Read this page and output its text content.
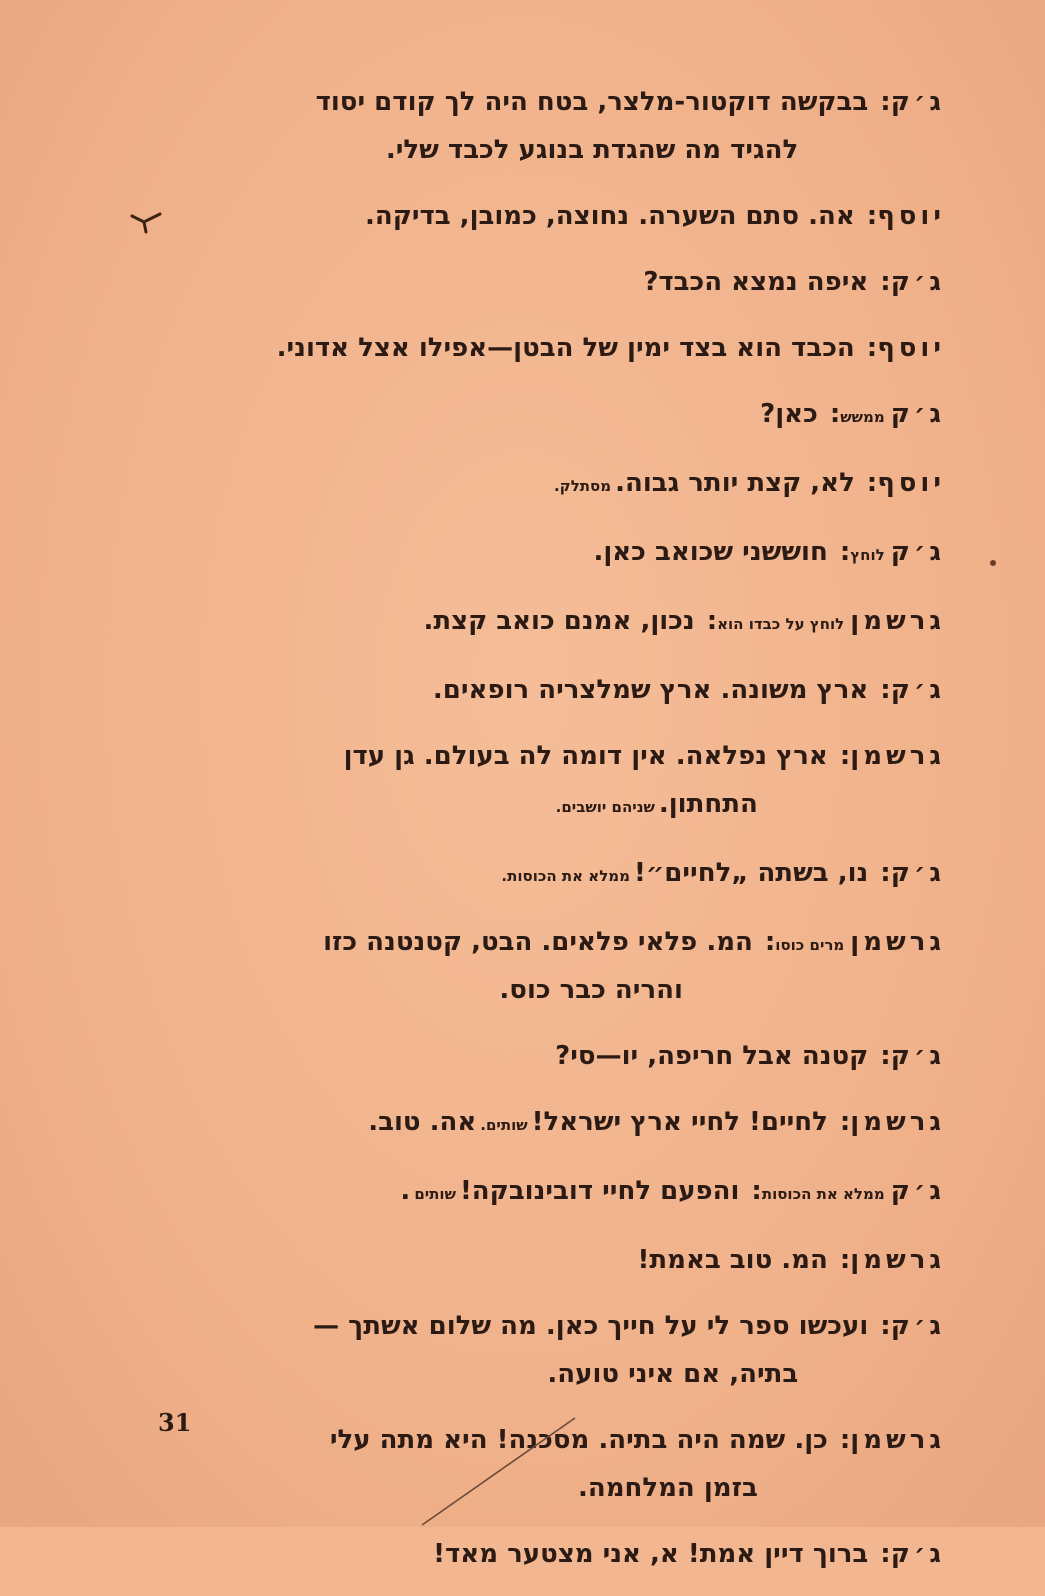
ג׳ק
:
בבקשה דוקטור-מלצר, בטח היה לך קודם יסוד
להגיד מה שהגדת בנוגע לכבד שלי.
יוסף
:
אה. סתם השערה. נחוצה, כמובן, בדיקה.
ג׳ק
:
איפה נמצא הכבד?
יוסף
:
הכבד הוא בצד ימין של הבטן—אפילו אצל אדוני.
ג׳קממשש
:
כאן?
יוסף
:
לא, קצת יותר גבוה.מסתלק.
ג׳קלוחץ
:
חוששני שכואב כאן.
גרשמןלוחץ על כבדו הוא
:
נכון, אמנם כואב קצת.
ג׳ק
:
ארץ משונה. ארץ שמלצריה רופאים.
גרשמן
:
ארץ נפלאה. אין דומה לה בעולם. גן עדן
התחתון.שניהם יושבים.
ג׳ק
:
נו, בשתה „לחיים״!ממלא את הכוסות.
גרשמןמרים כוסו
:
המ. פלאי פלאים. הבט, קטנטנה כזו
והריה כבר כוס.
ג׳ק
:
קטנה אבל חריפה, יו—סי?
גרשמן
:
לחיים! לחיי ארץ ישראל!שותים.אה. טוב.
ג׳קממלא את הכוסות
:
והפעם לחיי דובינובקה!שותים.
גרשמן
:
המ. טוב באמת!
ג׳ק
:
ועכשו ספר לי על חייך כאן. מה שלום אשתך —
בתיה, אם איני טועה.
גרשמן
:
כן. שמה היה בתיה. מסכנה! היא מתה עלי
בזמן המלחמה.
ג׳ק
:
ברוך דיין אמת! א, אני מצטער מאד!
31
